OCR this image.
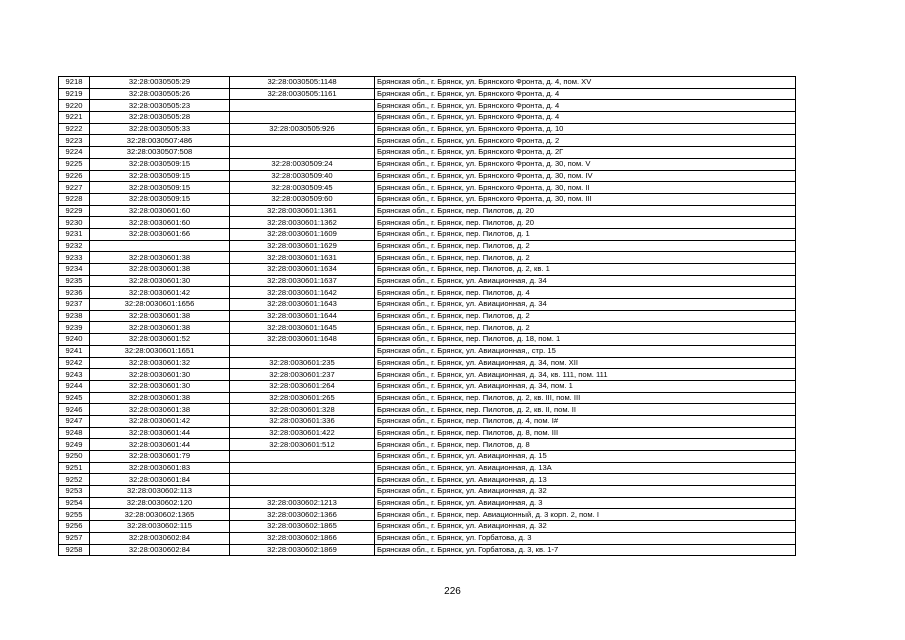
9218	32:28:0030505:29	32:28:0030505:1148	Брянская обл., г. Брянск, ул. Брянского Фронта, д. 4, пом. XV
9219	32:28:0030505:26	32:28:0030505:1161	Брянская обл., г. Брянск, ул. Брянского Фронта, д. 4
9220	32:28:0030505:23		Брянская обл., г. Брянск, ул. Брянского Фронта, д. 4
9221	32:28:0030505:28		Брянская обл., г. Брянск, ул. Брянского Фронта, д. 4
9222	32:28:0030505:33	32:28:0030505:926	Брянская обл., г. Брянск, ул. Брянского Фронта, д. 10
9223	32:28:0030507:486		Брянская обл., г. Брянск, ул. Брянского Фронта, д. 2
9224	32:28:0030507:508		Брянская обл., г. Брянск, ул. Брянского Фронта, д. 2Г
9225	32:28:0030509:15	32:28:0030509:24	Брянская обл., г. Брянск, ул. Брянского Фронта, д. 30, пом. V
9226	32:28:0030509:15	32:28:0030509:40	Брянская обл., г. Брянск, ул. Брянского Фронта, д. 30, пом. IV
9227	32:28:0030509:15	32:28:0030509:45	Брянская обл., г. Брянск, ул. Брянского Фронта, д. 30, пом. II
9228	32:28:0030509:15	32:28:0030509:60	Брянская обл., г. Брянск, ул. Брянского Фронта, д. 30, пом. III
9229	32:28:0030601:60	32:28:0030601:1361	Брянская обл., г. Брянск, пер. Пилотов, д. 20
9230	32:28:0030601:60	32:28:0030601:1362	Брянская обл., г. Брянск, пер. Пилотов, д. 20
9231	32:28:0030601:66	32:28:0030601:1609	Брянская обл., г. Брянск, пер. Пилотов, д. 1
9232		32:28:0030601:1629	Брянская обл., г. Брянск, пер. Пилотов, д. 2
9233	32:28:0030601:38	32:28:0030601:1631	Брянская обл., г. Брянск, пер. Пилотов, д. 2
9234	32:28:0030601:38	32:28:0030601:1634	Брянская обл., г. Брянск, пер. Пилотов, д. 2, кв. 1
9235	32:28:0030601:30	32:28:0030601:1637	Брянская обл., г. Брянск, ул. Авиационная, д. 34
9236	32:28:0030601:42	32:28:0030601:1642	Брянская обл., г. Брянск, пер. Пилотов, д. 4
9237	32:28:0030601:1656	32:28:0030601:1643	Брянская обл., г. Брянск, ул. Авиационная, д. 34
9238	32:28:0030601:38	32:28:0030601:1644	Брянская обл., г. Брянск, пер. Пилотов, д. 2
9239	32:28:0030601:38	32:28:0030601:1645	Брянская обл., г. Брянск, пер. Пилотов, д. 2
9240	32:28:0030601:52	32:28:0030601:1648	Брянская обл., г. Брянск, пер. Пилотов, д. 18, пом. 1
9241	32:28:0030601:1651		Брянская обл., г. Брянск, ул. Авиационная,, стр. 15
9242	32:28:0030601:32	32:28:0030601:235	Брянская обл., г. Брянск, ул. Авиационная, д. 34, пом. XII
9243	32:28:0030601:30	32:28:0030601:237	Брянская обл., г. Брянск, ул. Авиационная, д. 34, кв. 111, пом. 111
9244	32:28:0030601:30	32:28:0030601:264	Брянская обл., г. Брянск, ул. Авиационная, д. 34, пом. 1
9245	32:28:0030601:38	32:28:0030601:265	Брянская обл., г. Брянск, пер. Пилотов, д. 2, кв. III, пом. III
9246	32:28:0030601:38	32:28:0030601:328	Брянская обл., г. Брянск, пер. Пилотов, д. 2, кв. II, пом. II
9247	32:28:0030601:42	32:28:0030601:336	Брянская обл., г. Брянск, пер. Пилотов, д. 4, пом. I#
9248	32:28:0030601:44	32:28:0030601:422	Брянская обл., г. Брянск, пер. Пилотов, д. 8, пом. III
9249	32:28:0030601:44	32:28:0030601:512	Брянская обл., г. Брянск, пер. Пилотов, д. 8
9250	32:28:0030601:79		Брянская обл., г. Брянск, ул. Авиационная, д. 15
9251	32:28:0030601:83		Брянская обл., г. Брянск, ул. Авиационная, д. 13А
9252	32:28:0030601:84		Брянская обл., г. Брянск, ул. Авиационная, д. 13
9253	32:28:0030602:113		Брянская обл., г. Брянск, ул. Авиационная, д. 32
9254	32:28:0030602:120	32:28:0030602:1213	Брянская обл., г. Брянск, ул. Авиационная, д. 3
9255	32:28:0030602:1365	32:28:0030602:1366	Брянская обл., г. Брянск, пер. Авиационный, д. 3 корп. 2, пом. I
9256	32:28:0030602:115	32:28:0030602:1865	Брянская обл., г. Брянск, ул. Авиационная, д. 32
9257	32:28:0030602:84	32:28:0030602:1866	Брянская обл., г. Брянск, ул. Горбатова, д. 3
9258	32:28:0030602:84	32:28:0030602:1869	Брянская обл., г. Брянск, ул. Горбатова, д. 3, кв. 1-7
226
